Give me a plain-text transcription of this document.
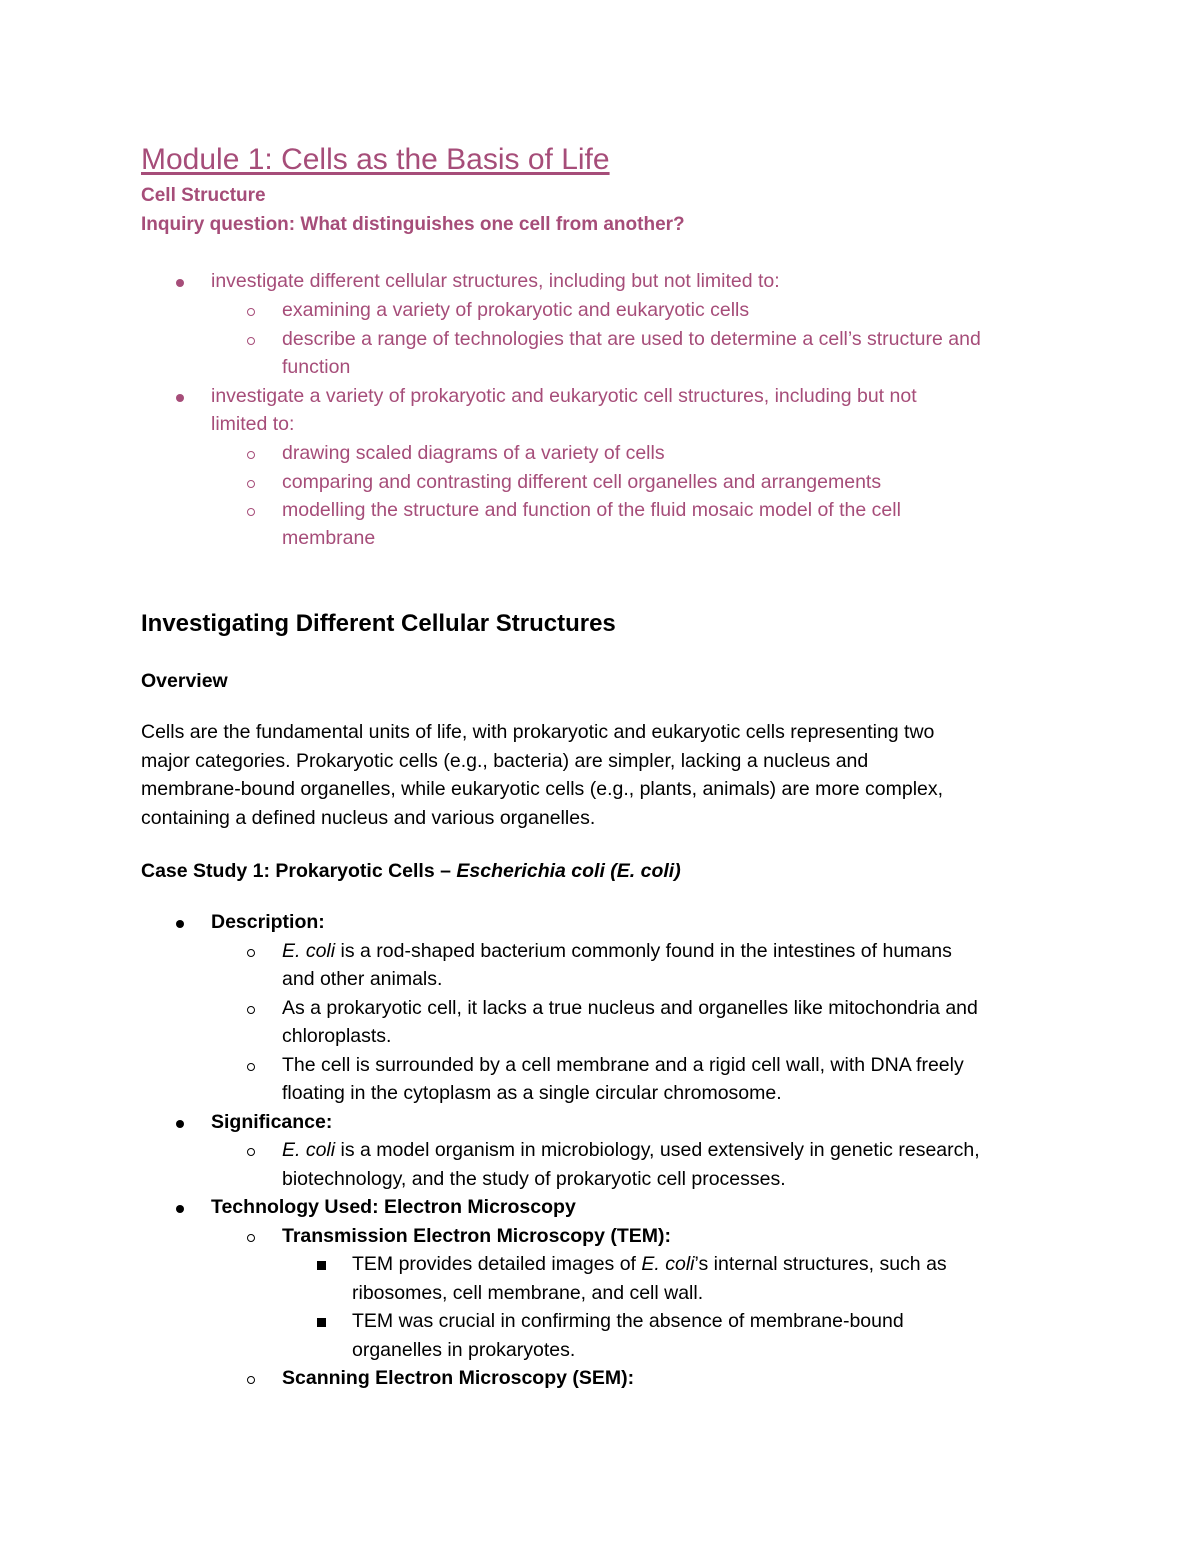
Module 1: Cells as the Basis of Life
Cell Structure
Inquiry question: What distinguishes one cell from another?
investigate different cellular structures, including but not limited to:
examining a variety of prokaryotic and eukaryotic cells
describe a range of technologies that are used to determine a cell’s structure and
function
investigate a variety of prokaryotic and eukaryotic cell structures, including but not
limited to:
drawing scaled diagrams of a variety of cells
comparing and contrasting different cell organelles and arrangements
modelling the structure and function of the fluid mosaic model of the cell
membrane
Investigating Different Cellular Structures
Overview
Cells are the fundamental units of life, with prokaryotic and eukaryotic cells representing two
major categories. Prokaryotic cells (e.g., bacteria) are simpler, lacking a nucleus and
membrane-bound organelles, while eukaryotic cells (e.g., plants, animals) are more complex,
containing a defined nucleus and various organelles.
Case Study 1: Prokaryotic Cells – Escherichia coli (E. coli)
Description:
E. coli is a rod-shaped bacterium commonly found in the intestines of humans
and other animals.
As a prokaryotic cell, it lacks a true nucleus and organelles like mitochondria and
chloroplasts.
The cell is surrounded by a cell membrane and a rigid cell wall, with DNA freely
floating in the cytoplasm as a single circular chromosome.
Significance:
E. coli is a model organism in microbiology, used extensively in genetic research,
biotechnology, and the study of prokaryotic cell processes.
Technology Used: Electron Microscopy
Transmission Electron Microscopy (TEM):
TEM provides detailed images of E. coli’s internal structures, such as
ribosomes, cell membrane, and cell wall.
TEM was crucial in confirming the absence of membrane-bound
organelles in prokaryotes.
Scanning Electron Microscopy (SEM):
